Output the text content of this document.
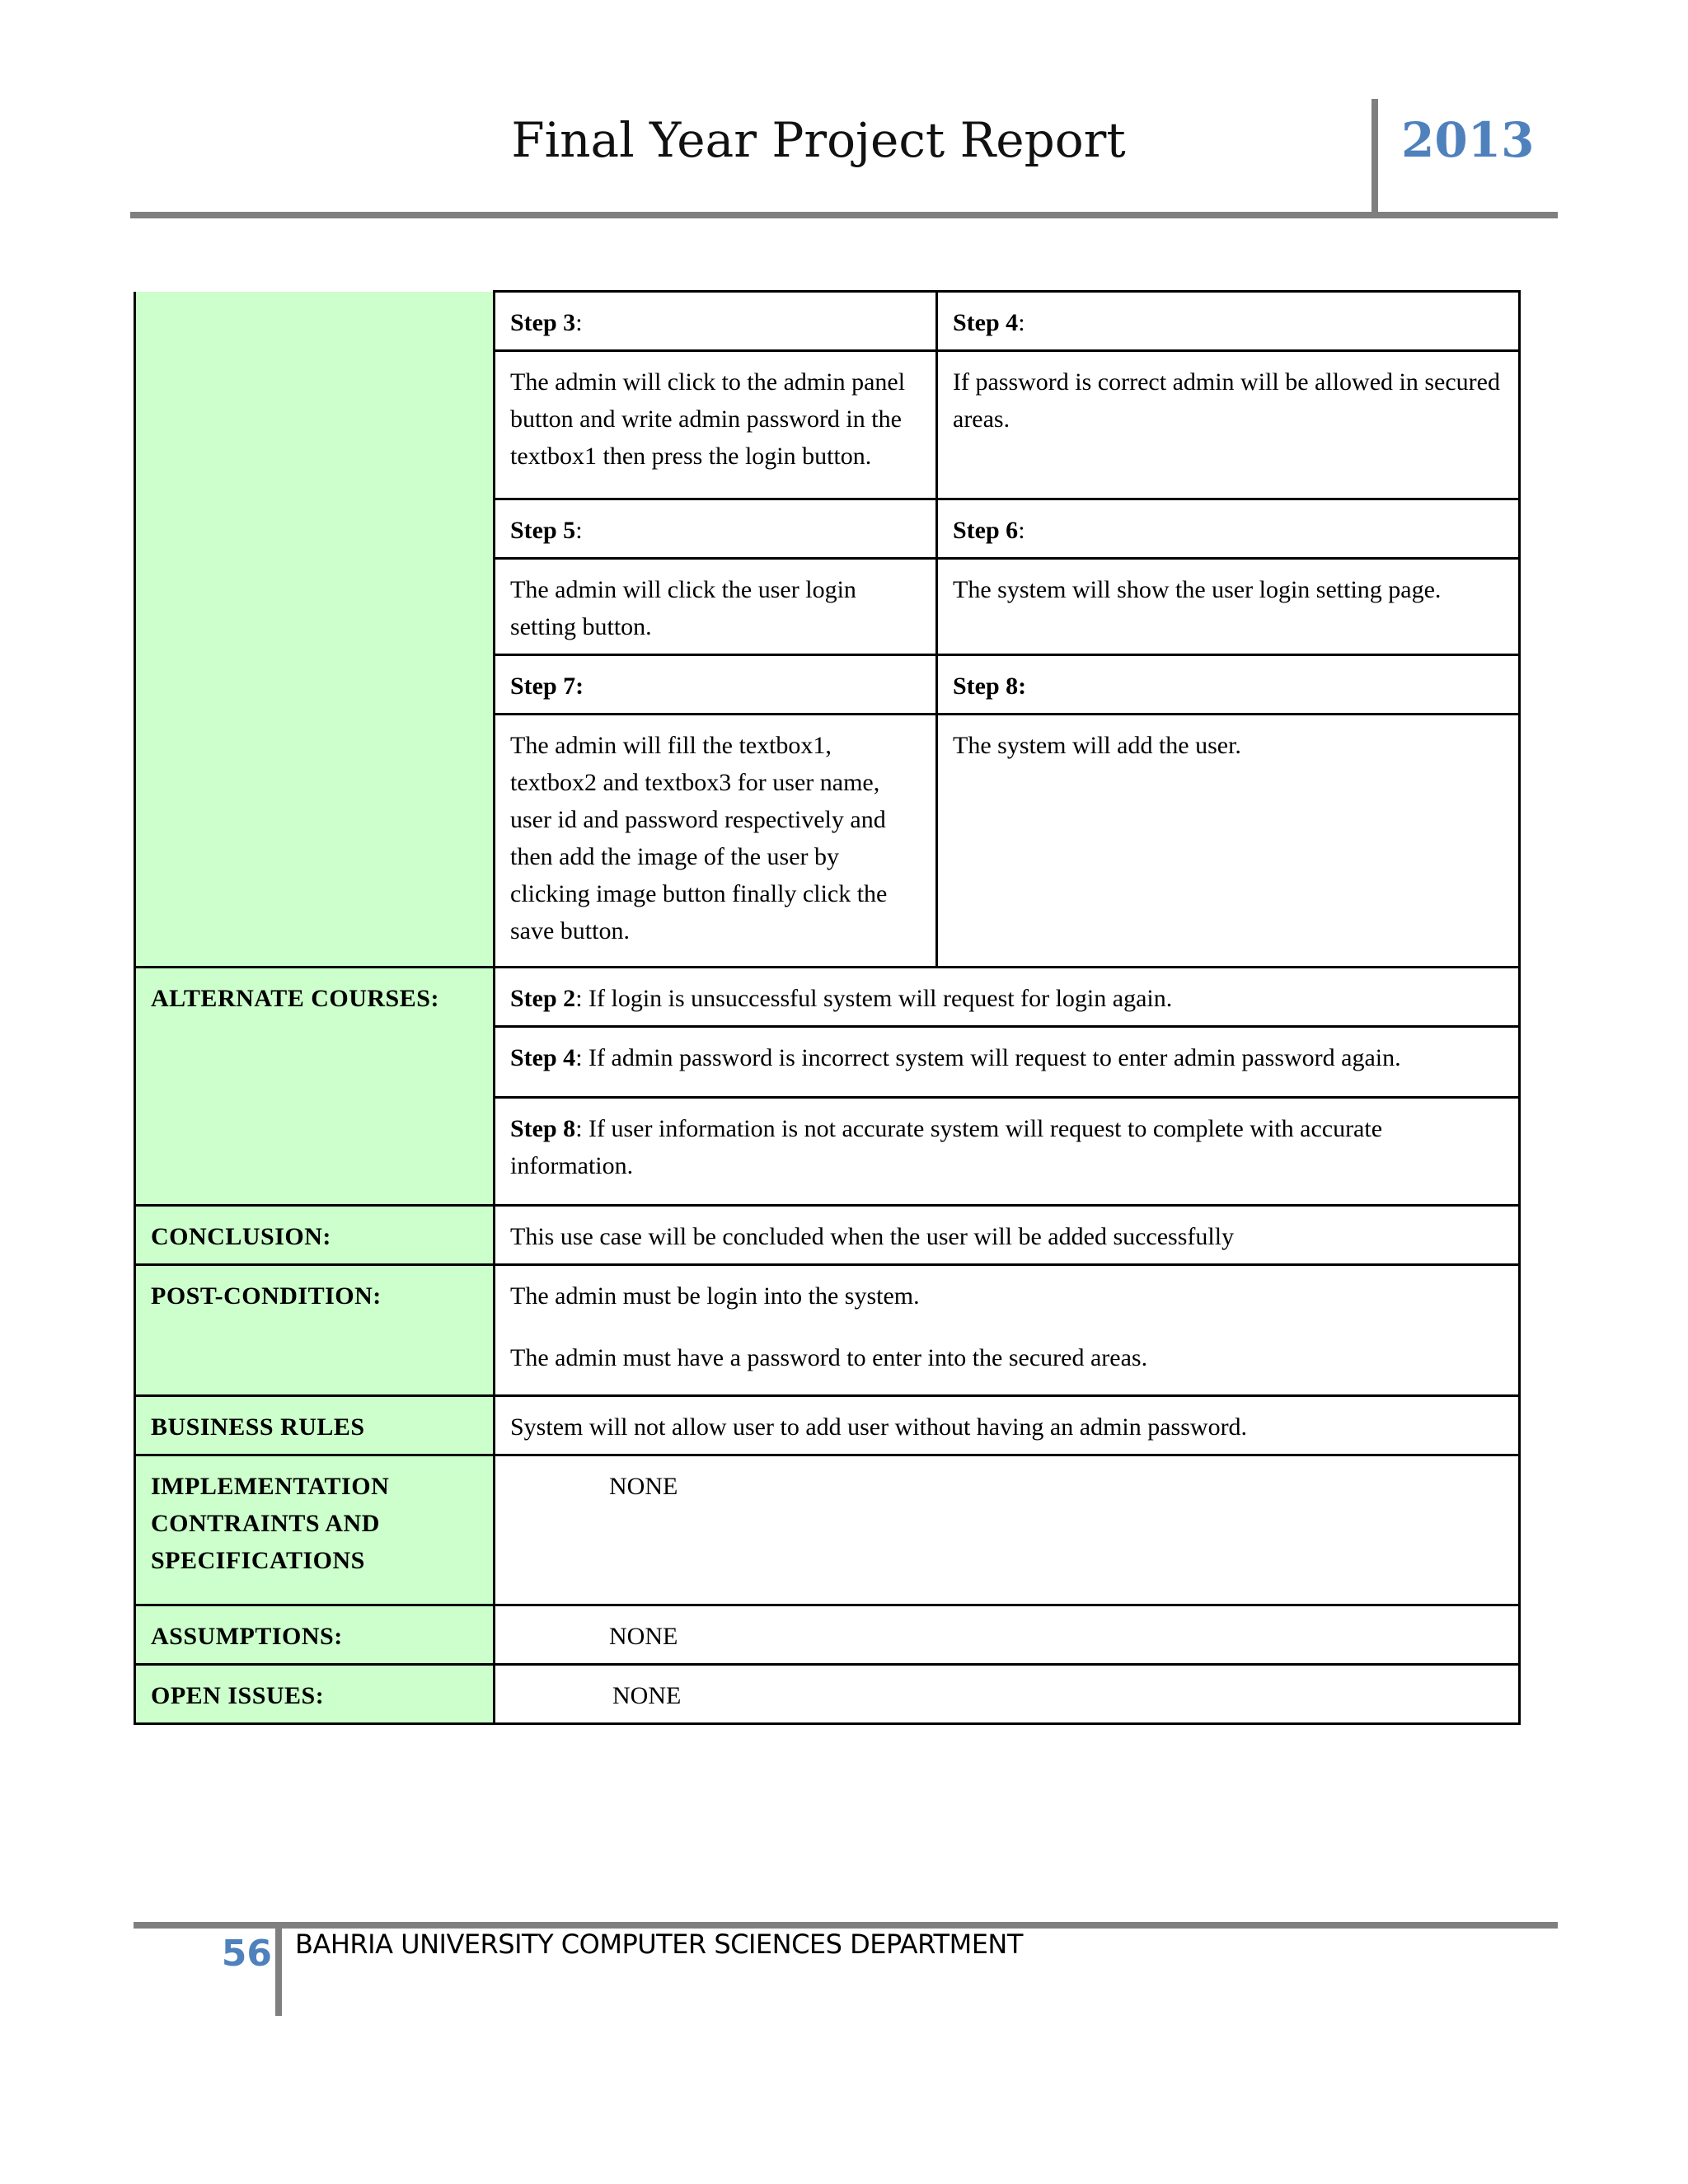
Final Year Project Report	2013
	Step 3:	Step 4:
	The admin will click to the admin panel button and write admin password in the textbox1 then press the login button.	If password is correct admin will be allowed in secured areas.
	Step 5:	Step 6:
	The admin will click the user login setting button.	The system will show the user login setting page.
	Step 7:	Step 8:
	The admin will fill the textbox1, textbox2 and textbox3 for user name, user id and password respectively and then add the image of the user by clicking image button finally click the save button.	The system will add the user.
ALTERNATE COURSES:	Step 2: If login is unsuccessful system will request for login again.	
	Step 4: If admin password is incorrect system will request to enter admin password again.	
	Step 8: If user information is not accurate system will request to complete with accurate information.	
CONCLUSION:	This use case will be concluded when the user will be added successfully	
POST-CONDITION:	The admin must be login into the system.
The admin must have a password to enter into the secured areas.	

BUSINESS RULES	System will not allow user to add user without having an admin password.	
IMPLEMENTATION CONTRAINTS AND SPECIFICATIONS	NONE	

ASSUMPTIONS:	NONE	

OPEN ISSUES:	NONE	
56 BAHRIA UNIVERSITY COMPUTER SCIENCES DEPARTMENT
